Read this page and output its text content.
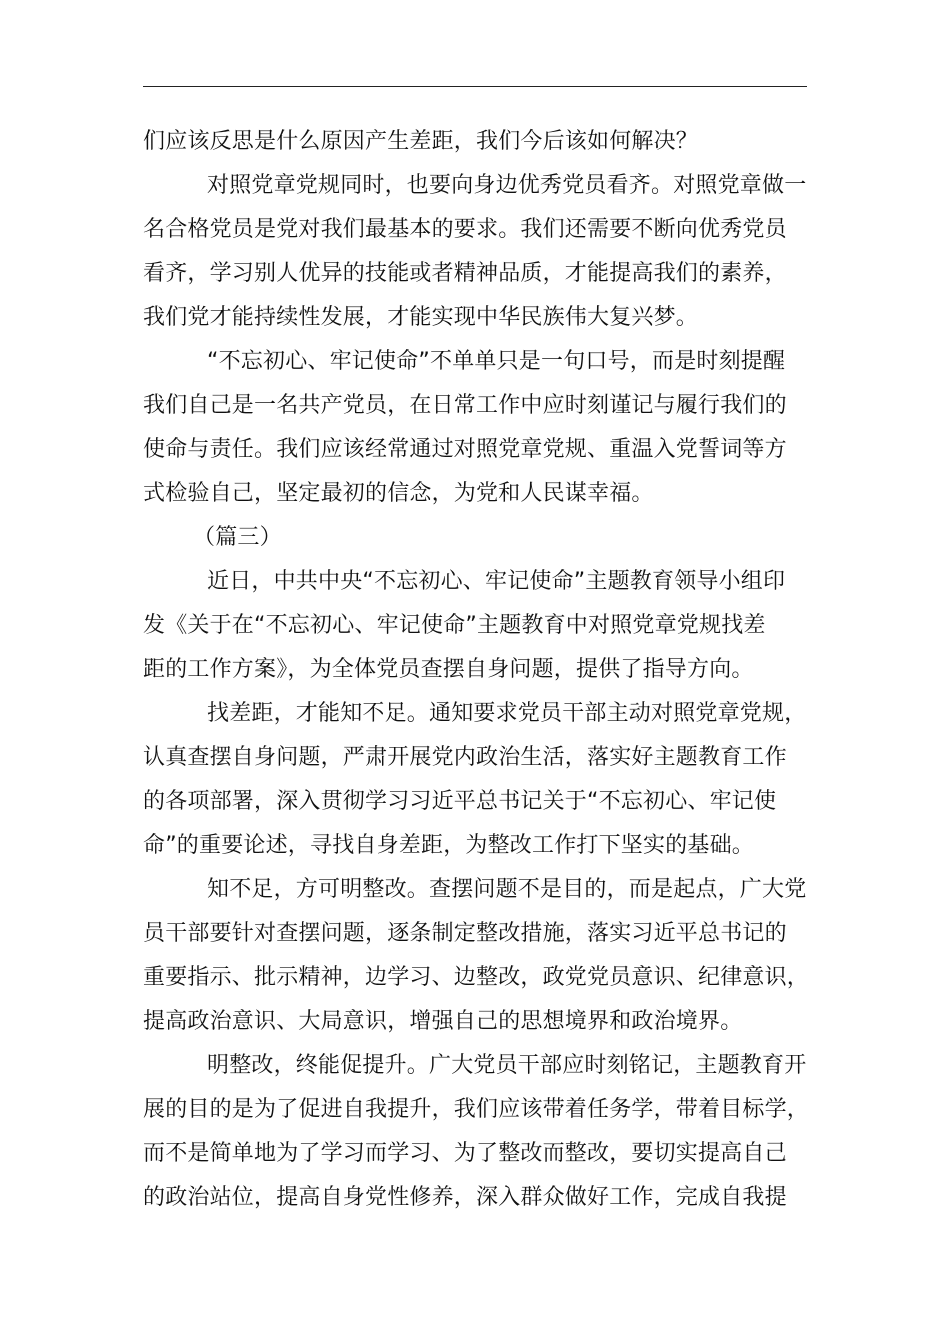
们应该反思是什么原因产生差距，我们今后该如何解决？
对照党章党规同时，也要向身边优秀党员看齐。对照党章做一
名合格党员是党对我们最基本的要求。我们还需要不断向优秀党员
看齐，学习别人优异的技能或者精神品质，才能提高我们的素养，
我们党才能持续性发展，才能实现中华民族伟大复兴梦。
“不忘初心、牢记使命”不单单只是一句口号，而是时刻提醒
我们自己是一名共产党员，在日常工作中应时刻谨记与履行我们的
使命与责任。我们应该经常通过对照党章党规、重温入党誓词等方
式检验自己，坚定最初的信念，为党和人民谋幸福。
（篇三）
近日，中共中央“不忘初心、牢记使命”主题教育领导小组印
发《关于在“不忘初心、牢记使命”主题教育中对照党章党规找差
距的工作方案》，为全体党员查摆自身问题，提供了指导方向。
找差距，才能知不足。通知要求党员干部主动对照党章党规，
认真查摆自身问题，严肃开展党内政治生活，落实好主题教育工作
的各项部署，深入贯彻学习习近平总书记关于“不忘初心、牢记使
命”的重要论述，寻找自身差距，为整改工作打下坚实的基础。
知不足，方可明整改。查摆问题不是目的，而是起点，广大党
员干部要针对查摆问题，逐条制定整改措施，落实习近平总书记的
重要指示、批示精神，边学习、边整改，政党党员意识、纪律意识，
提高政治意识、大局意识，增强自己的思想境界和政治境界。
明整改，终能促提升。广大党员干部应时刻铭记，主题教育开
展的目的是为了促进自我提升，我们应该带着任务学，带着目标学，
而不是简单地为了学习而学习、为了整改而整改，要切实提高自己
的政治站位，提高自身党性修养，深入群众做好工作，完成自我提
